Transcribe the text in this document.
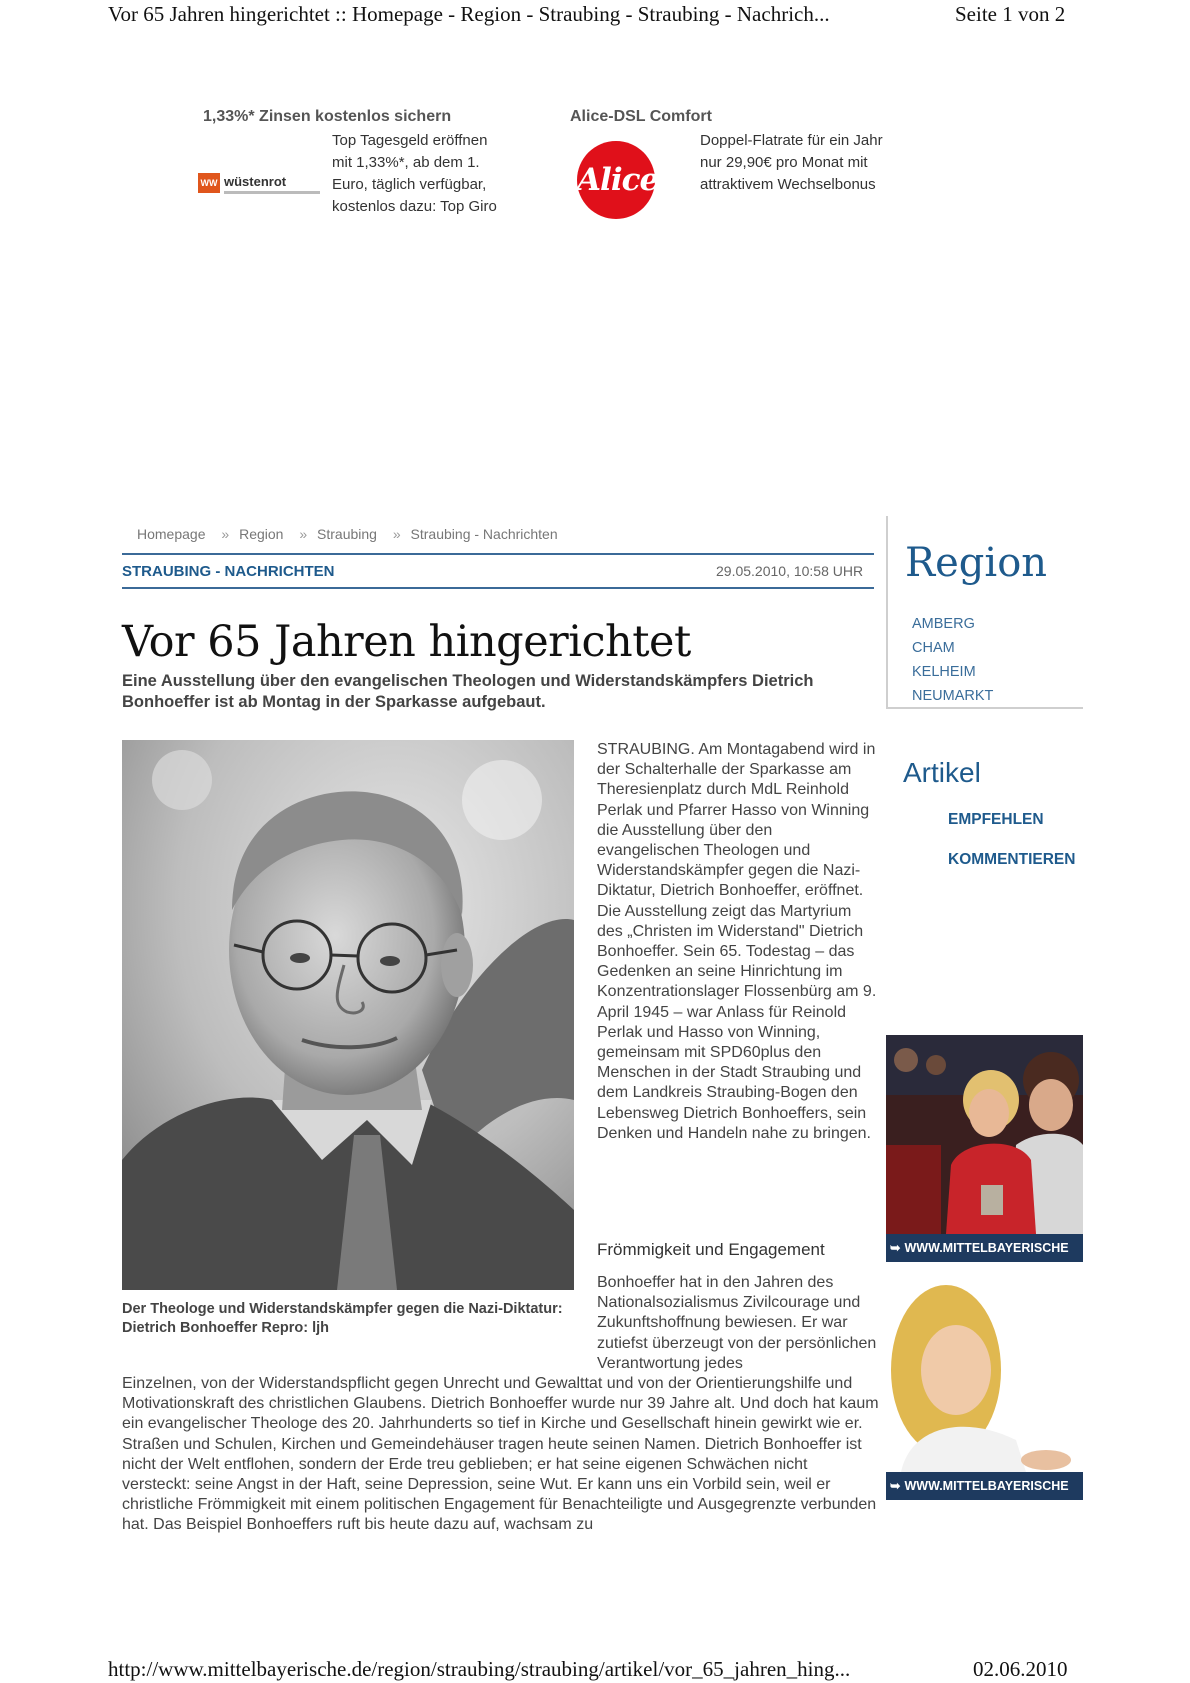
Vor 65 Jahren hingerichtet :: Homepage - Region - Straubing - Straubing - Nachrich...	Seite 1 von 2
1,33%* Zinsen kostenlos sichern
WW wüstenrot
Top Tagesgeld eröffnen
mit 1,33%*, ab dem 1.
Euro, täglich verfügbar,
kostenlos dazu: Top Giro
Alice-DSL Comfort
Alice
Doppel-Flatrate für ein Jahr
nur 29,90€ pro Monat mit
attraktivem Wechselbonus
Homepage » Region » Straubing » Straubing - Nachrichten
STRAUBING - NACHRICHTEN	29.05.2010, 10:58 UHR
Vor 65 Jahren hingerichtet
Eine Ausstellung über den evangelischen Theologen und Widerstandskämpfers Dietrich Bonhoeffer ist ab Montag in der Sparkasse aufgebaut.
Der Theologe und Widerstandskämpfer gegen die Nazi-Diktatur: Dietrich Bonhoeffer Repro: ljh
STRAUBING. Am Montagabend wird in der Schalterhalle der Sparkasse am Theresienplatz durch MdL Reinhold Perlak und Pfarrer Hasso von Winning die Ausstellung über den evangelischen Theologen und Widerstandskämpfer gegen die Nazi-Diktatur, Dietrich Bonhoeffer, eröffnet. Die Ausstellung zeigt das Martyrium des „Christen im Widerstand" Dietrich Bonhoeffer. Sein 65. Todestag – das Gedenken an seine Hinrichtung im Konzentrationslager Flossenbürg am 9. April 1945 – war Anlass für Reinold Perlak und Hasso von Winning, gemeinsam mit SPD60plus den Menschen in der Stadt Straubing und dem Landkreis Straubing-Bogen den Lebensweg Dietrich Bonhoeffers, sein Denken und Handeln nahe zu bringen.
Frömmigkeit und Engagement
Bonhoeffer hat in den Jahren des Nationalsozialismus Zivilcourage und Zukunftshoffnung bewiesen. Er war zutiefst überzeugt von der persönlichen Verantwortung jedes
Einzelnen, von der Widerstandspflicht gegen Unrecht und Gewalttat und von der Orientierungshilfe und Motivationskraft des christlichen Glaubens. Dietrich Bonhoeffer wurde nur 39 Jahre alt. Und doch hat kaum ein evangelischer Theologe des 20. Jahrhunderts so tief in Kirche und Gesellschaft hinein gewirkt wie er. Straßen und Schulen, Kirchen und Gemeindehäuser tragen heute seinen Namen. Dietrich Bonhoeffer ist nicht der Welt entflohen, sondern der Erde treu geblieben; er hat seine eigenen Schwächen nicht versteckt: seine Angst in der Haft, seine Depression, seine Wut. Er kann uns ein Vorbild sein, weil er christliche Frömmigkeit mit einem politischen Engagement für Benachteiligte und Ausgegrenzte verbunden hat. Das Beispiel Bonhoeffers ruft bis heute dazu auf, wachsam zu
Region
AMBERG
CHAM
KELHEIM
NEUMARKT
Artikel
EMPFEHLEN
KOMMENTIEREN
➥ WWW.MITTELBAYERISCHE
➥ WWW.MITTELBAYERISCHE
http://www.mittelbayerische.de/region/straubing/straubing/artikel/vor_65_jahren_hing...	02.06.2010
